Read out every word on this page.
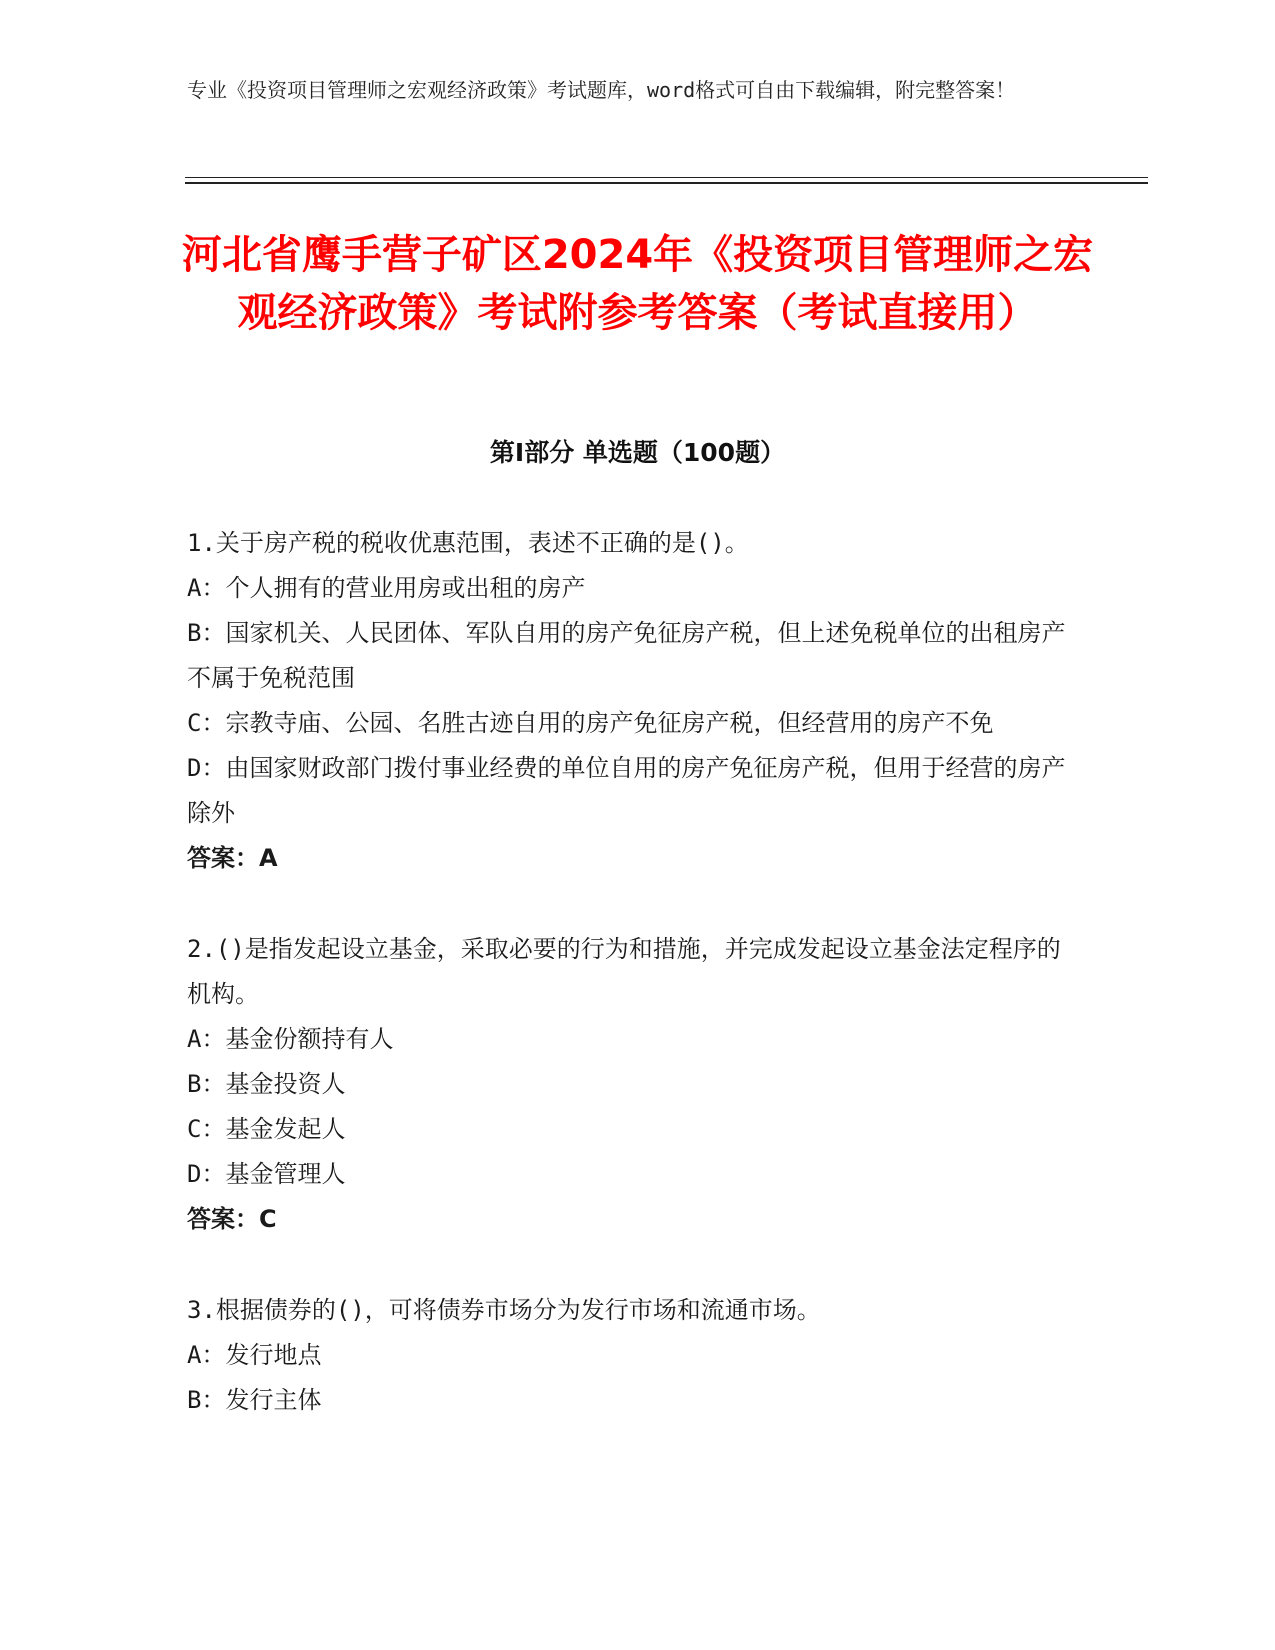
专业《投资项目管理师之宏观经济政策》考试题库，word格式可自由下载编辑，附完整答案！
河北省鹰手营子矿区2024年《投资项目管理师之宏观经济政策》考试附参考答案（考试直接用）
第Ⅰ部分 单选题（100题）

1.关于房产税的税收优惠范围，表述不正确的是()。

A：个人拥有的营业用房或出租的房产

B：国家机关、人民团体、军队自用的房产免征房产税，但上述免税单位的出租房产不属于免税范围

C：宗教寺庙、公园、名胜古迹自用的房产免征房产税，但经营用的房产不免

D：由国家财政部门拨付事业经费的单位自用的房产免征房产税，但用于经营的房产除外

答案：A

2.()是指发起设立基金，采取必要的行为和措施，并完成发起设立基金法定程序的机构。

A：基金份额持有人

B：基金投资人

C：基金发起人

D：基金管理人

答案：C

3.根据债券的()，可将债券市场分为发行市场和流通市场。

A：发行地点

B：发行主体
